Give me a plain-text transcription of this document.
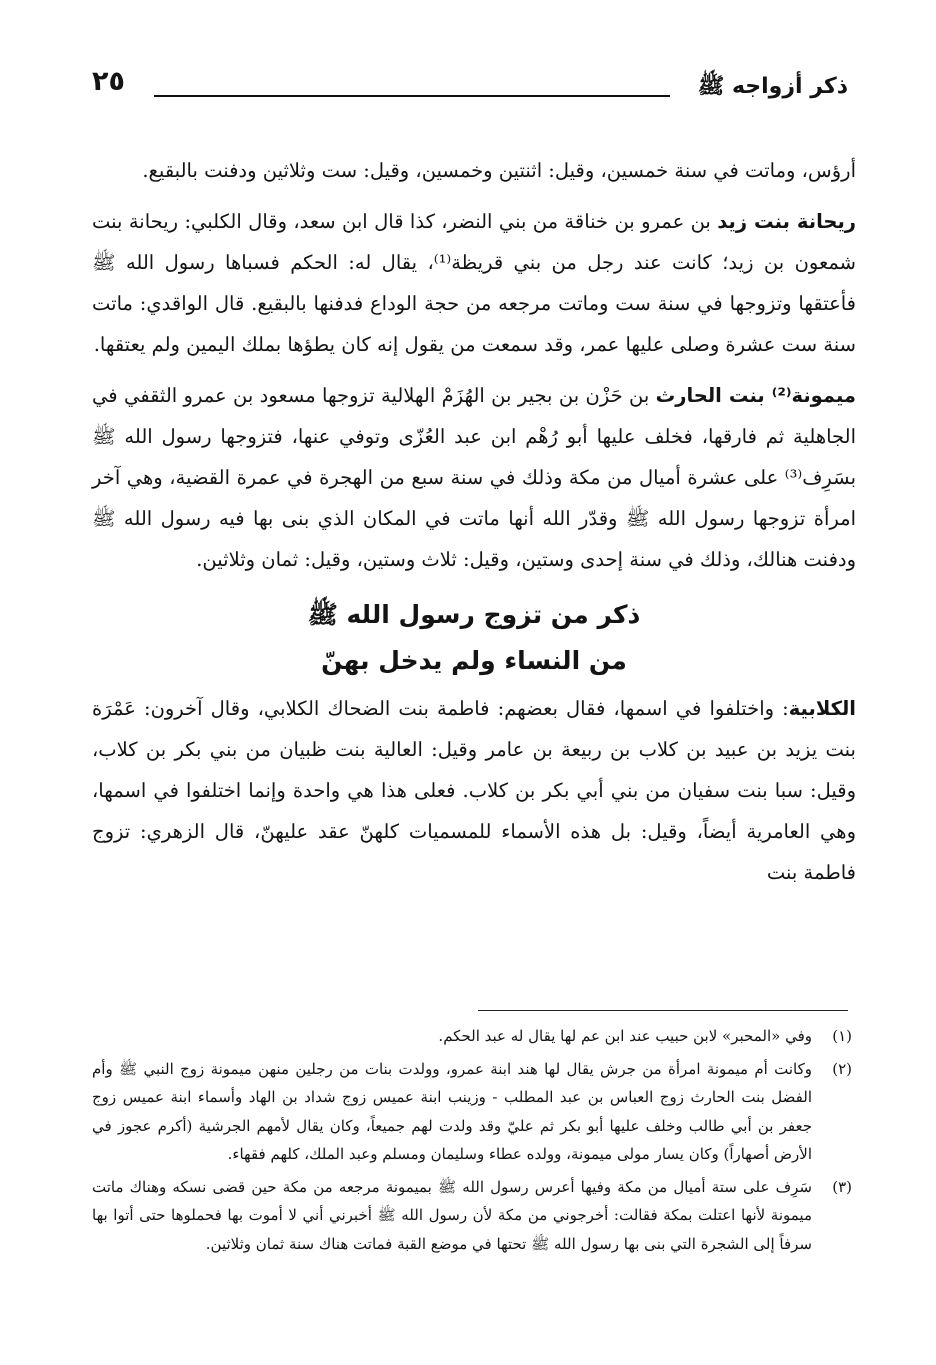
ذكر أزواجه ﷺ
٢٥

أرؤس، وماتت في سنة خمسين، وقيل: اثنتين وخمسين، وقيل: ست وثلاثين ودفنت بالبقيع.

ريحانة بنت زيد بن عمرو بن خناقة من بني النضر، كذا قال ابن سعد، وقال الكلبي: ريحانة بنت شمعون بن زيد؛ كانت عند رجل من بني قريظة⁽¹⁾، يقال له: الحكم فسباها رسول الله ﷺ فأعتقها وتزوجها في سنة ست وماتت مرجعه من حجة الوداع فدفنها بالبقيع. قال الواقدي: ماتت سنة ست عشرة وصلى عليها عمر، وقد سمعت من يقول إنه كان يطؤها بملك اليمين ولم يعتقها.

ميمونة⁽²⁾ بنت الحارث بن حَزْن بن بجير بن الهُزَمْ الهلالية تزوجها مسعود بن عمرو الثقفي في الجاهلية ثم فارقها، فخلف عليها أبو رُهْم ابن عبد العُزّى وتوفي عنها، فتزوجها رسول الله ﷺ بسَرِف⁽³⁾ على عشرة أميال من مكة وذلك في سنة سبع من الهجرة في عمرة القضية، وهي آخر امرأة تزوجها رسول الله ﷺ وقدّر الله أنها ماتت في المكان الذي بنى بها فيه رسول الله ﷺ ودفنت هنالك، وذلك في سنة إحدى وستين، وقيل: ثلاث وستين، وقيل: ثمان وثلاثين.

ذكر من تزوج رسول الله ﷺ
من النساء ولم يدخل بهنّ

الكلابية: واختلفوا في اسمها، فقال بعضهم: فاطمة بنت الضحاك الكلابي، وقال آخرون: عَمْرَة بنت يزيد بن عبيد بن كلاب بن ربيعة بن عامر وقيل: العالية بنت ظبيان من بني بكر بن كلاب، وقيل: سبا بنت سفيان من بني أبي بكر بن كلاب. فعلى هذا هي واحدة وإنما اختلفوا في اسمها، وهي العامرية أيضاً، وقيل: بل هذه الأسماء للمسميات كلهنّ عقد عليهنّ، قال الزهري: تزوج فاطمة بنت

(١)
وفي «المحبر» لابن حبيب عند ابن عم لها يقال له عبد الحكم.
(٢)
وكانت أم ميمونة امرأة من جرش يقال لها هند ابنة عمرو، وولدت بنات من رجلين منهن ميمونة زوج النبي ﷺ وأم الفضل بنت الحارث زوج العباس بن عبد المطلب - وزينب ابنة عميس زوج شداد بن الهاد وأسماء ابنة عميس زوج جعفر بن أبي طالب وخلف عليها أبو بكر ثم عليّ وقد ولدت لهم جميعاً، وكان يقال لأمهم الجرشية (أكرم عجوز في الأرض أصهاراً) وكان يسار مولى ميمونة، وولده عطاء وسليمان ومسلم وعبد الملك، كلهم فقهاء.
(٣)
سَرِف على ستة أميال من مكة وفيها أعرس رسول الله ﷺ بميمونة مرجعه من مكة حين قضى نسكه وهناك ماتت ميمونة لأنها اعتلت بمكة فقالت: أخرجوني من مكة لأن رسول الله ﷺ أخبرني أني لا أموت بها فحملوها حتى أتوا بها سرفاً إلى الشجرة التي بنى بها رسول الله ﷺ تحتها في موضع القبة فماتت هناك سنة ثمان وثلاثين.
